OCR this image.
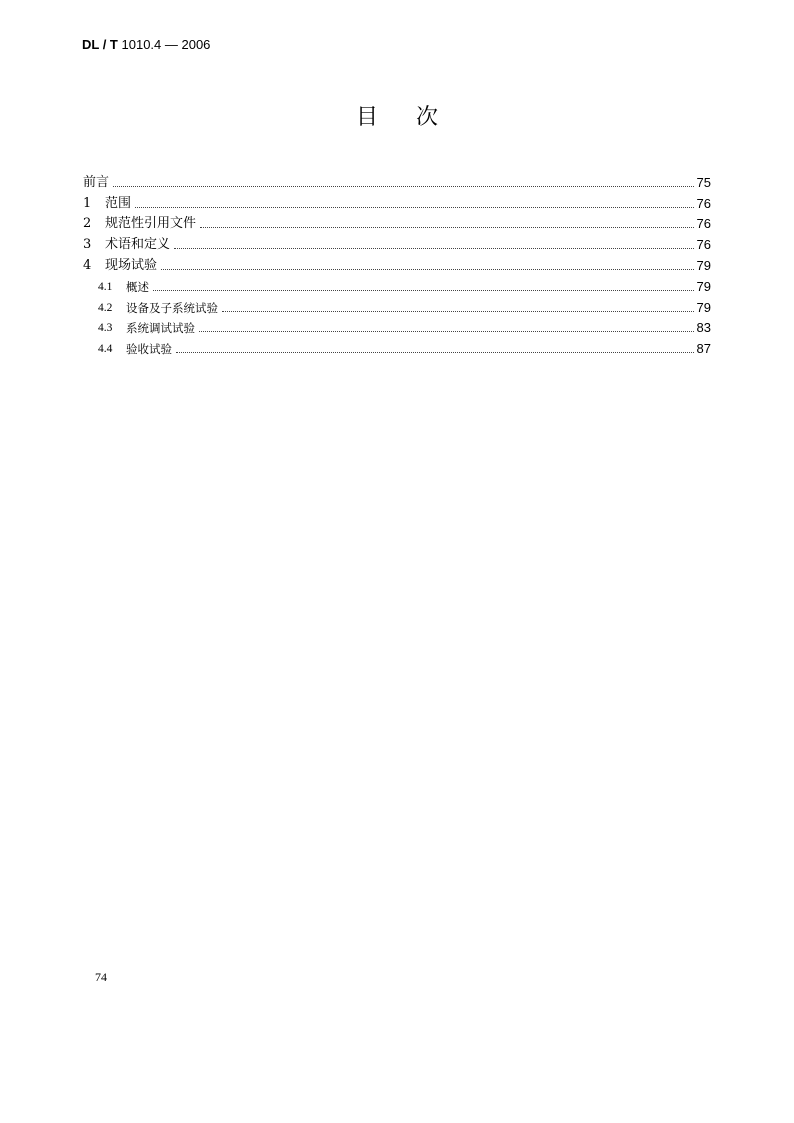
DL / T 1010.4 — 2006
目次
前言	75
1	范围	76
2	规范性引用文件	76
3	术语和定义	76
4	现场试验	79
4.1	概述	79
4.2	设备及子系统试验	79
4.3	系统调试试验	83
4.4	验收试验	87
74
